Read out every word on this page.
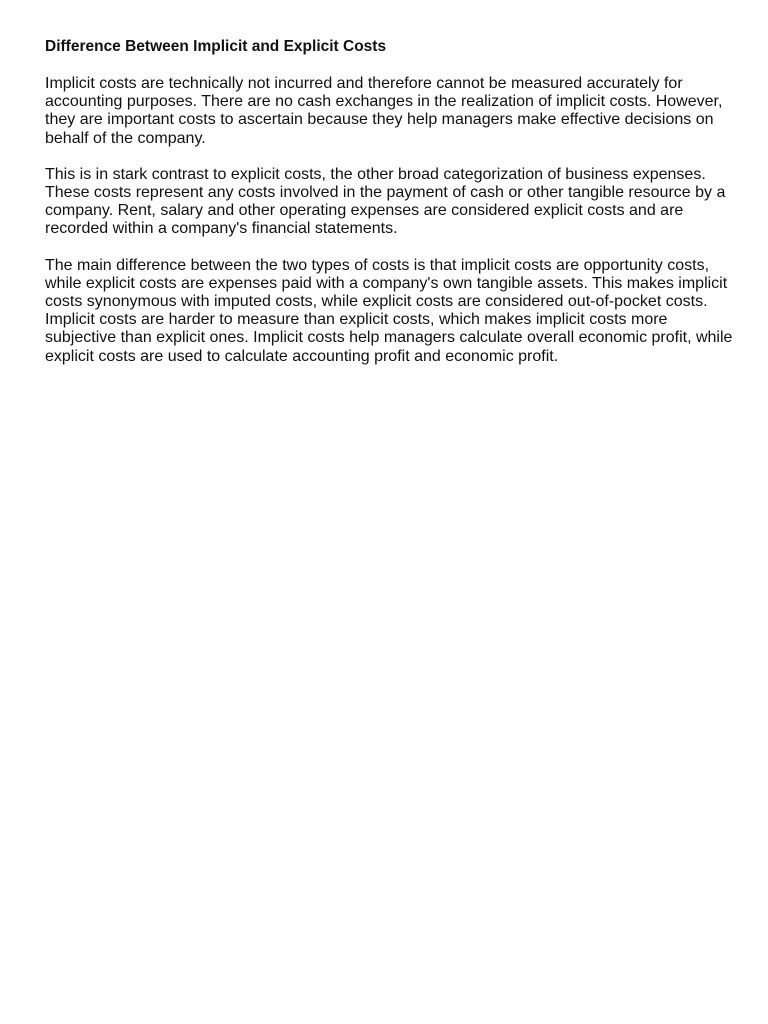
Difference Between Implicit and Explicit Costs

Implicit costs are technically not incurred and therefore cannot be measured accurately for accounting purposes. There are no cash exchanges in the realization of implicit costs. However, they are important costs to ascertain because they help managers make effective decisions on behalf of the company.

This is in stark contrast to explicit costs, the other broad categorization of business expenses. These costs represent any costs involved in the payment of cash or other tangible resource by a company. Rent, salary and other operating expenses are considered explicit costs and are recorded within a company's financial statements.

The main difference between the two types of costs is that implicit costs are opportunity costs, while explicit costs are expenses paid with a company's own tangible assets. This makes implicit costs synonymous with imputed costs, while explicit costs are considered out-of-pocket costs. Implicit costs are harder to measure than explicit costs, which makes implicit costs more subjective than explicit ones. Implicit costs help managers calculate overall economic profit, while explicit costs are used to calculate accounting profit and economic profit.
